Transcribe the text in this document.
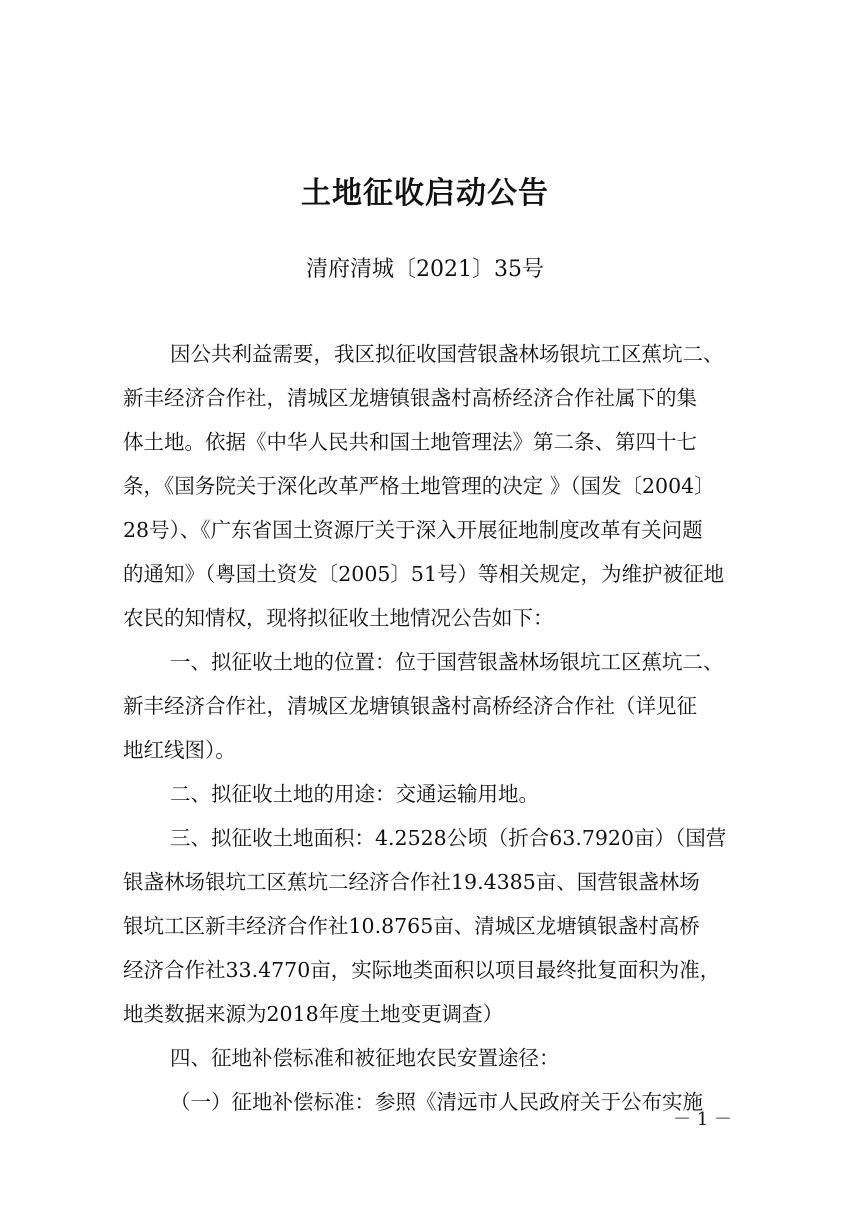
土地征收启动公告
清府清城〔2021〕35号
因公共利益需要，我区拟征收国营银盏林场银坑工区蕉坑二、
新丰经济合作社，清城区龙塘镇银盏村高桥经济合作社属下的集
体土地。依据《中华人民共和国土地管理法》第二条、第四十七
条，《国务院关于深化改革严格土地管理的决定 》（国发〔2004〕
28号）、《广东省国土资源厅关于深入开展征地制度改革有关问题
的通知》（粤国土资发〔2005〕51号）等相关规定，为维护被征地
农民的知情权，现将拟征收土地情况公告如下：
一、拟征收土地的位置：位于国营银盏林场银坑工区蕉坑二、
新丰经济合作社，清城区龙塘镇银盏村高桥经济合作社（详见征
地红线图）。
二、拟征收土地的用途：交通运输用地。
三、拟征收土地面积：4.2528公顷（折合63.7920亩）（国营
银盏林场银坑工区蕉坑二经济合作社19.4385亩、国营银盏林场
银坑工区新丰经济合作社10.8765亩、清城区龙塘镇银盏村高桥
经济合作社33.4770亩，实际地类面积以项目最终批复面积为准，
地类数据来源为2018年度土地变更调查）
四、征地补偿标准和被征地农民安置途径：
（一）征地补偿标准：参照《清远市人民政府关于公布实施
－ 1 －
